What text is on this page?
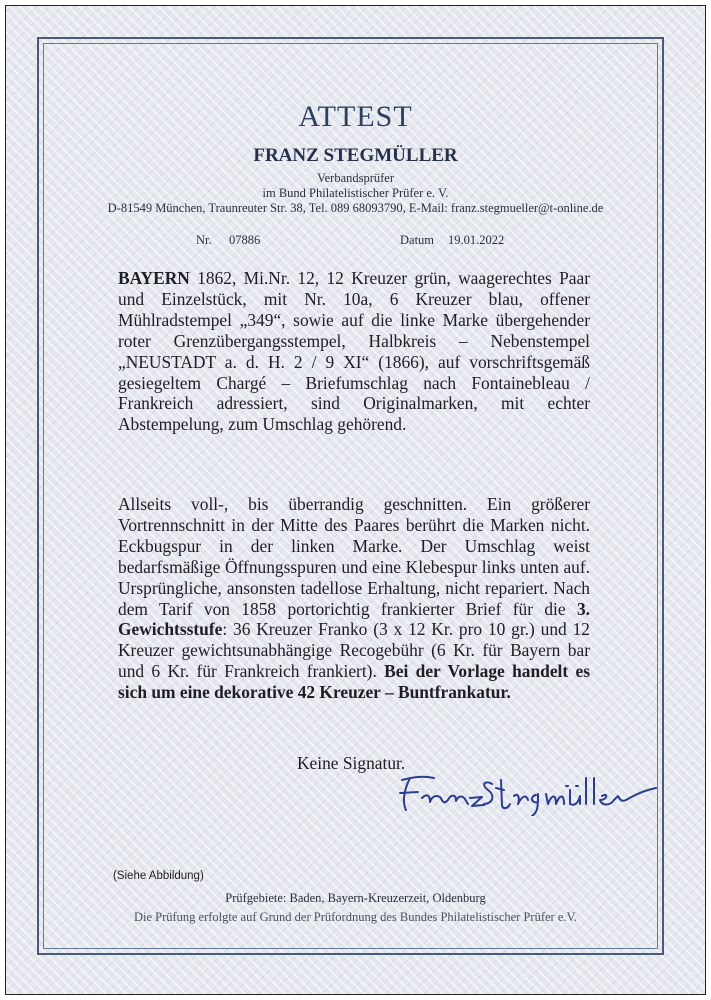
ATTEST
FRANZ STEGMÜLLER
Verbandsprüfer
im Bund Philatelistischer Prüfer e. V.
D-81549 München, Traunreuter Str. 38, Tel. 089 68093790, E-Mail: franz.stegmueller@t-online.de
Nr. 07886	Datum 19.01.2022
BAYERN 1862, Mi.Nr. 12, 12 Kreuzer grün, waagerechtes Paar und Einzelstück, mit Nr. 10a, 6 Kreuzer blau, offener Mühlradstempel „349“, sowie auf die linke Marke übergehender roter Grenzübergangsstempel, Halbkreis – Nebenstempel „NEUSTADT a. d. H. 2 / 9 XI“ (1866), auf vorschriftsgemäß gesiegeltem Chargé – Briefumschlag nach Fontainebleau / Frankreich adressiert, sind Originalmarken, mit echter Abstempelung, zum Umschlag gehörend.
Allseits voll-, bis überrandig geschnitten. Ein größerer Vortrennschnitt in der Mitte des Paares berührt die Marken nicht. Eckbugspur in der linken Marke. Der Umschlag weist bedarfsmäßige Öffnungsspuren und eine Klebespur links unten auf. Ursprüngliche, ansonsten tadellose Erhaltung, nicht repariert. Nach dem Tarif von 1858 portorichtig frankierter Brief für die 3. Gewichtsstufe: 36 Kreuzer Franko (3 x 12 Kr. pro 10 gr.) und 12 Kreuzer gewichtsunabhängige Recogebühr (6 Kr. für Bayern bar und 6 Kr. für Frankreich frankiert). Bei der Vorlage handelt es sich um eine dekorative 42 Kreuzer – Buntfrankatur.
Keine Signatur.
(Siehe Abbildung)
Prüfgebiete: Baden, Bayern-Kreuzerzeit, Oldenburg
Die Prüfung erfolgte auf Grund der Prüfordnung des Bundes Philatelistischer Prüfer e.V.
